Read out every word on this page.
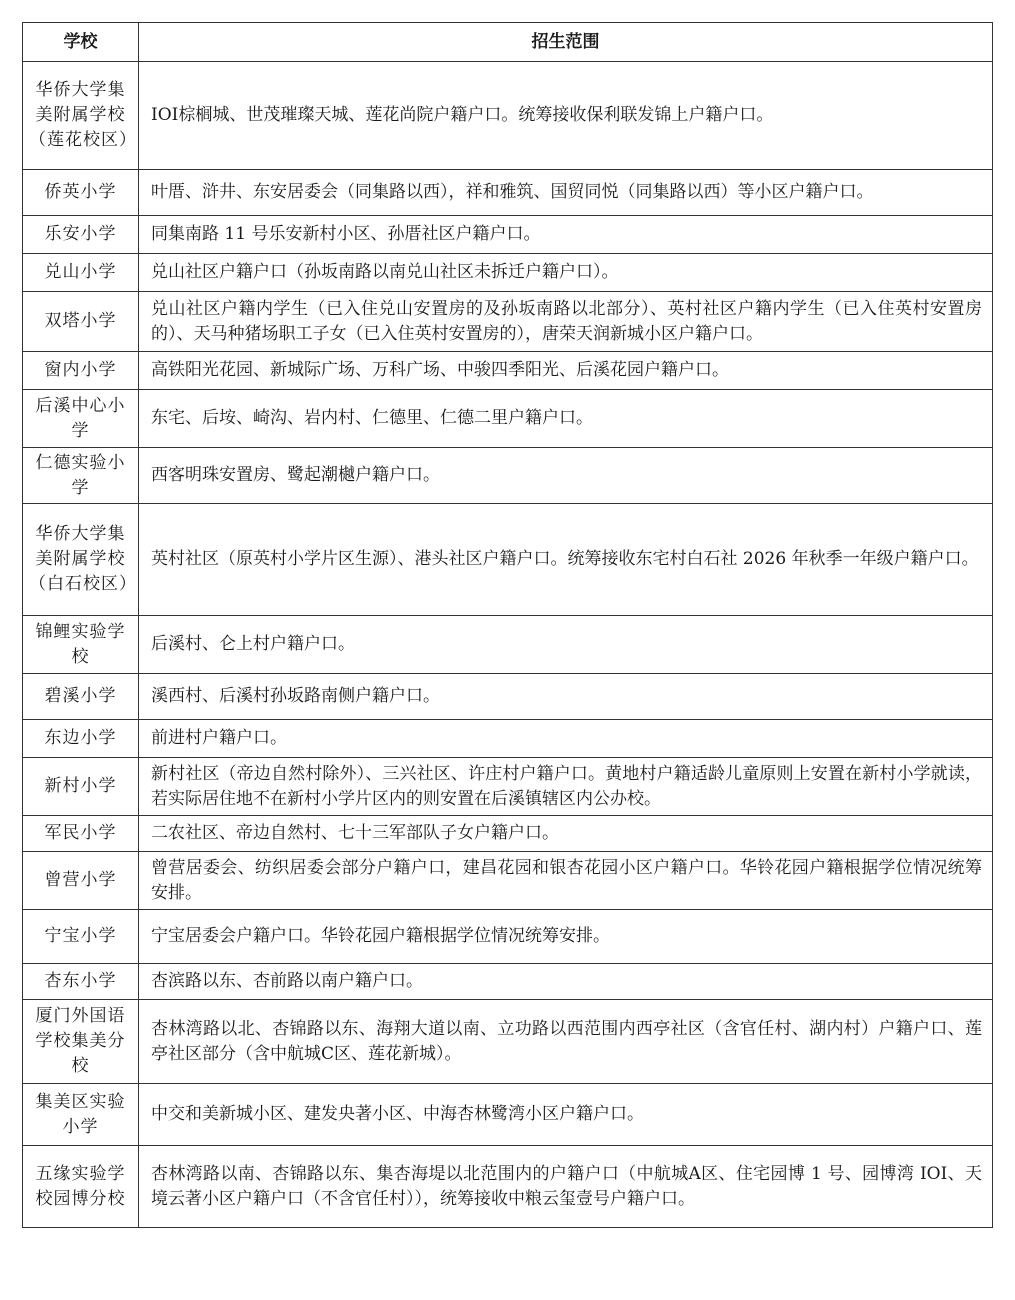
学校	招生范围
华侨大学集美附属学校（莲花校区）	IOI棕榈城、世茂璀璨天城、莲花尚院户籍户口。统筹接收保利联发锦上户籍户口。
侨英小学	叶厝、浒井、东安居委会（同集路以西），祥和雅筑、国贸同悦（同集路以西）等小区户籍户口。
乐安小学	同集南路 11 号乐安新村小区、孙厝社区户籍户口。
兑山小学	兑山社区户籍户口（孙坂南路以南兑山社区未拆迁户籍户口）。
双塔小学	兑山社区户籍内学生（已入住兑山安置房的及孙坂南路以北部分）、英村社区户籍内学生（已入住英村安置房的）、天马种猪场职工子女（已入住英村安置房的），唐荣天润新城小区户籍户口。
窗内小学	高铁阳光花园、新城际广场、万科广场、中骏四季阳光、后溪花园户籍户口。
后溪中心小学	东宅、后垵、崎沟、岩内村、仁德里、仁德二里户籍户口。
仁德实验小学	西客明珠安置房、鹭起潮樾户籍户口。
华侨大学集美附属学校（白石校区）	英村社区（原英村小学片区生源）、港头社区户籍户口。统筹接收东宅村白石社 2026 年秋季一年级户籍户口。
锦鲤实验学校	后溪村、仑上村户籍户口。
碧溪小学	溪西村、后溪村孙坂路南侧户籍户口。
东边小学	前进村户籍户口。
新村小学	新村社区（帝边自然村除外）、三兴社区、许庄村户籍户口。黄地村户籍适龄儿童原则上安置在新村小学就读，若实际居住地不在新村小学片区内的则安置在后溪镇辖区内公办校。
军民小学	二农社区、帝边自然村、七十三军部队子女户籍户口。
曾营小学	曾营居委会、纺织居委会部分户籍户口，建昌花园和银杏花园小区户籍户口。华铃花园户籍根据学位情况统筹安排。
宁宝小学	宁宝居委会户籍户口。华铃花园户籍根据学位情况统筹安排。
杏东小学	杏滨路以东、杏前路以南户籍户口。
厦门外国语学校集美分校	杏林湾路以北、杏锦路以东、海翔大道以南、立功路以西范围内西亭社区（含官任村、湖内村）户籍户口、莲亭社区部分（含中航城C区、莲花新城）。
集美区实验小学	中交和美新城小区、建发央著小区、中海杏林鹭湾小区户籍户口。
五缘实验学校园博分校	杏林湾路以南、杏锦路以东、集杏海堤以北范围内的户籍户口（中航城A区、住宅园博 1 号、园博湾 IOI、天境云著小区户籍户口（不含官任村）），统筹接收中粮云玺壹号户籍户口。
